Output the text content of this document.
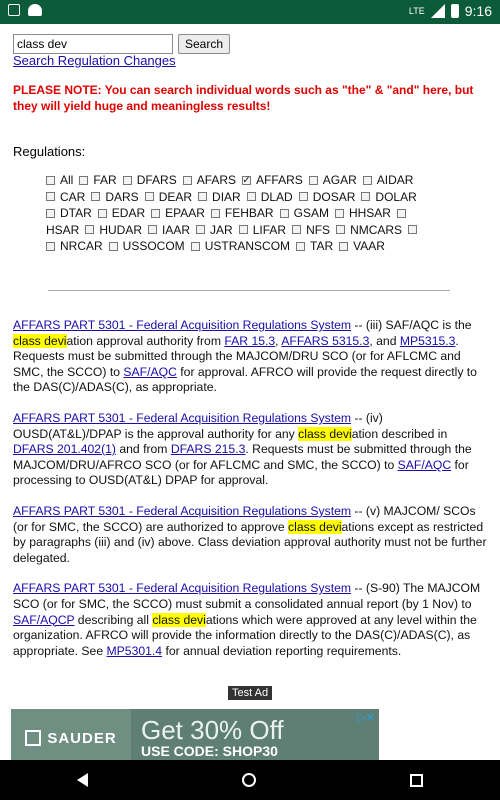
LTE	9:16
class dev
Search
Search Regulation Changes
PLEASE NOTE: You can search individual words such as "the" & "and" here, but they will yield huge and meaningless results!
Regulations:
All FAR DFARS AFARS
✓ AFFARS AGAR AIDAR
CAR DARS DEAR DIAR DLAD DOSAR DOLAR
DTAR EDAR EPAAR FEHBAR GSAM HHSAR
HSAR HUDAR IAAR JAR LIFAR NFS NMCARS
NRCAR USSOCOM USTRANSCOM TAR VAAR
AFFARS PART 5301 - Federal Acquisition Regulations System -- (iii) SAF/AQC is the class deviation approval authority from FAR 15.3, AFFARS 5315.3, and MP5315.3. Requests must be submitted through the MAJCOM/DRU SCO (or for AFLCMC and SMC, the SCCO) to SAF/AQC for approval. AFRCO will provide the request directly to the DAS(C)/ADAS(C), as appropriate.
AFFARS PART 5301 - Federal Acquisition Regulations System -- (iv) OUSD(AT&L)/DPAP is the approval authority for any class deviation described in DFARS 201.402(1) and from DFARS 215.3. Requests must be submitted through the MAJCOM/DRU/AFRCO SCO (or for AFLCMC and SMC, the SCCO) to SAF/AQC for processing to OUSD(AT&L) DPAP for approval.
AFFARS PART 5301 - Federal Acquisition Regulations System -- (v) MAJCOM/ SCOs (or for SMC, the SCCO) are authorized to approve class deviations except as restricted by paragraphs (iii) and (iv) above. Class deviation approval authority must not be further delegated.
AFFARS PART 5301 - Federal Acquisition Regulations System -- (S-90) The MAJCOM SCO (or for SMC, the SCCO) must submit a consolidated annual report (by 1 Nov) to SAF/AQCP describing all class deviations which were approved at any level within the organization. AFRCO will provide the information directly to the DAS(C)/ADAS(C), as appropriate. See MP5301.4 for annual deviation reporting requirements.
SAUDER Get 30% Off
USE CODE: SHOP30
▷✕
Test Ad
